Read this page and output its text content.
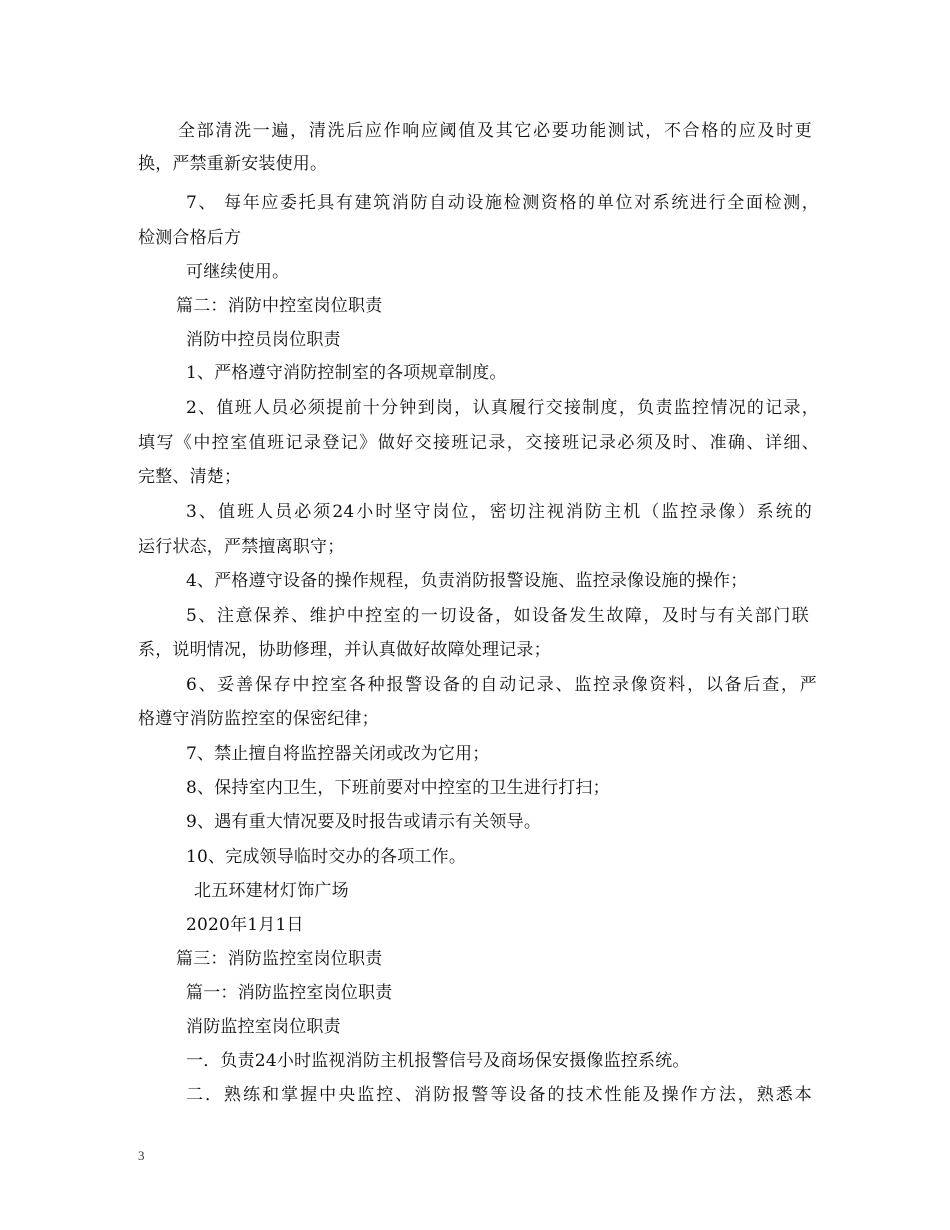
全部清洗一遍，清洗后应作响应阈值及其它必要功能测试，不合格的应及时更
换，严禁重新安装使用。
7、 每年应委托具有建筑消防自动设施检测资格的单位对系统进行全面检测，
检测合格后方
可继续使用。
篇二：消防中控室岗位职责
消防中控员岗位职责
1、严格遵守消防控制室的各项规章制度。
2、值班人员必须提前十分钟到岗，认真履行交接制度，负责监控情况的记录，
填写《中控室值班记录登记》做好交接班记录，交接班记录必须及时、准确、详细、
完整、清楚；
3、值班人员必须24小时坚守岗位，密切注视消防主机（监控录像）系统的
运行状态，严禁擅离职守；
4、严格遵守设备的操作规程，负责消防报警设施、监控录像设施的操作；
5、注意保养、维护中控室的一切设备，如设备发生故障，及时与有关部门联
系，说明情况，协助修理，并认真做好故障处理记录；
6、妥善保存中控室各种报警设备的自动记录、监控录像资料，以备后查，严
格遵守消防监控室的保密纪律；
7、禁止擅自将监控器关闭或改为它用；
8、保持室内卫生，下班前要对中控室的卫生进行打扫；
9、遇有重大情况要及时报告或请示有关领导。
10、完成领导临时交办的各项工作。
北五环建材灯饰广场
2020年1月1日
篇三：消防监控室岗位职责
篇一：消防监控室岗位职责
消防监控室岗位职责
一．负责24小时监视消防主机报警信号及商场保安摄像监控系统。
二．熟练和掌握中央监控、消防报警等设备的技术性能及操作方法，熟悉本
3
